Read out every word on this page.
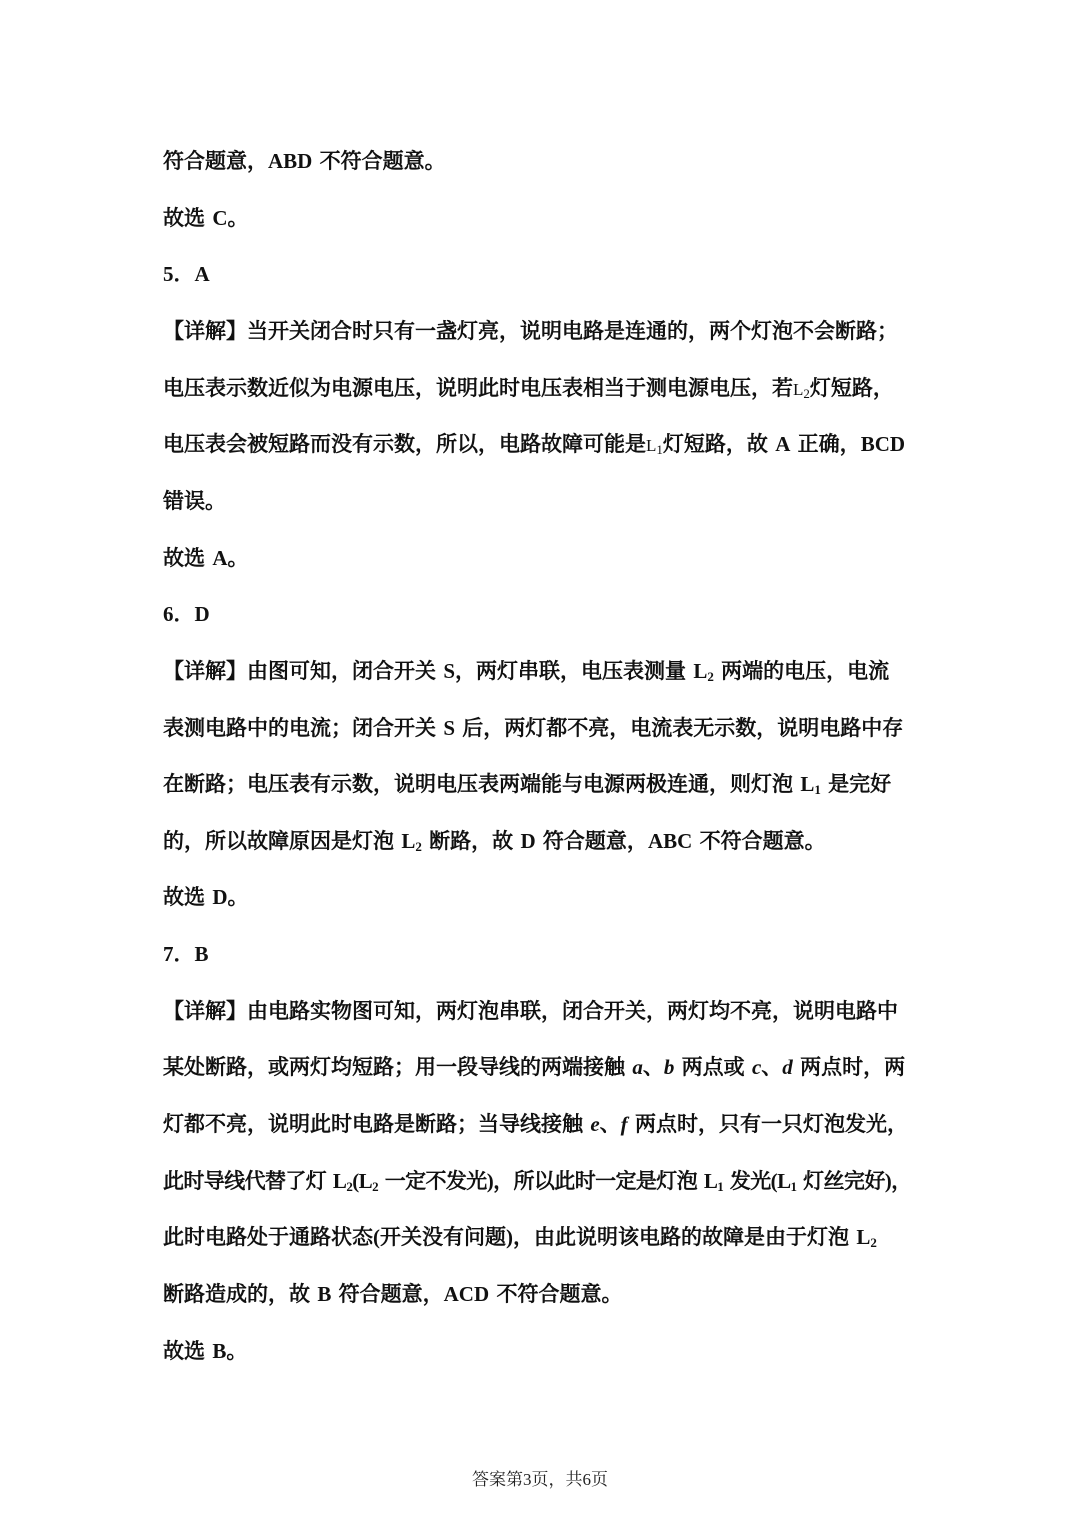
符合题意，ABD 不符合题意。

故选 C。

5．A

【详解】当开关闭合时只有一盏灯亮，说明电路是连通的，两个灯泡不会断路；

电压表示数近似为电源电压，说明此时电压表相当于测电源电压，若$L_2$灯短路，

电压表会被短路而没有示数，所以，电路故障可能是$L_1$灯短路，故 A 正确，BCD

错误。

故选 A。

6．D

【详解】由图可知，闭合开关 S，两灯串联，电压表测量 $L_2$ 两端的电压，电流

表测电路中的电流；闭合开关 S 后，两灯都不亮，电流表无示数，说明电路中存

在断路；电压表有示数，说明电压表两端能与电源两极连通，则灯泡 $L_1$ 是完好

的，所以故障原因是灯泡 $L_2$ 断路，故 D 符合题意，ABC 不符合题意。

故选 D。

7．B

【详解】由电路实物图可知，两灯泡串联，闭合开关，两灯均不亮，说明电路中

某处断路，或两灯均短路；用一段导线的两端接触 a、b 两点或 c、d 两点时，两

灯都不亮，说明此时电路是断路；当导线接触 e、f 两点时，只有一只灯泡发光，

此时导线代替了灯 $L_2(L_2$ 一定不发光)，所以此时一定是灯泡 $L_1$ 发光($L_1$ 灯丝完好)，

此时电路处于通路状态(开关没有问题)，由此说明该电路的故障是由于灯泡 $L_2$

断路造成的，故 B 符合题意，ACD 不符合题意。

故选 B。

答案第3页，共6页
